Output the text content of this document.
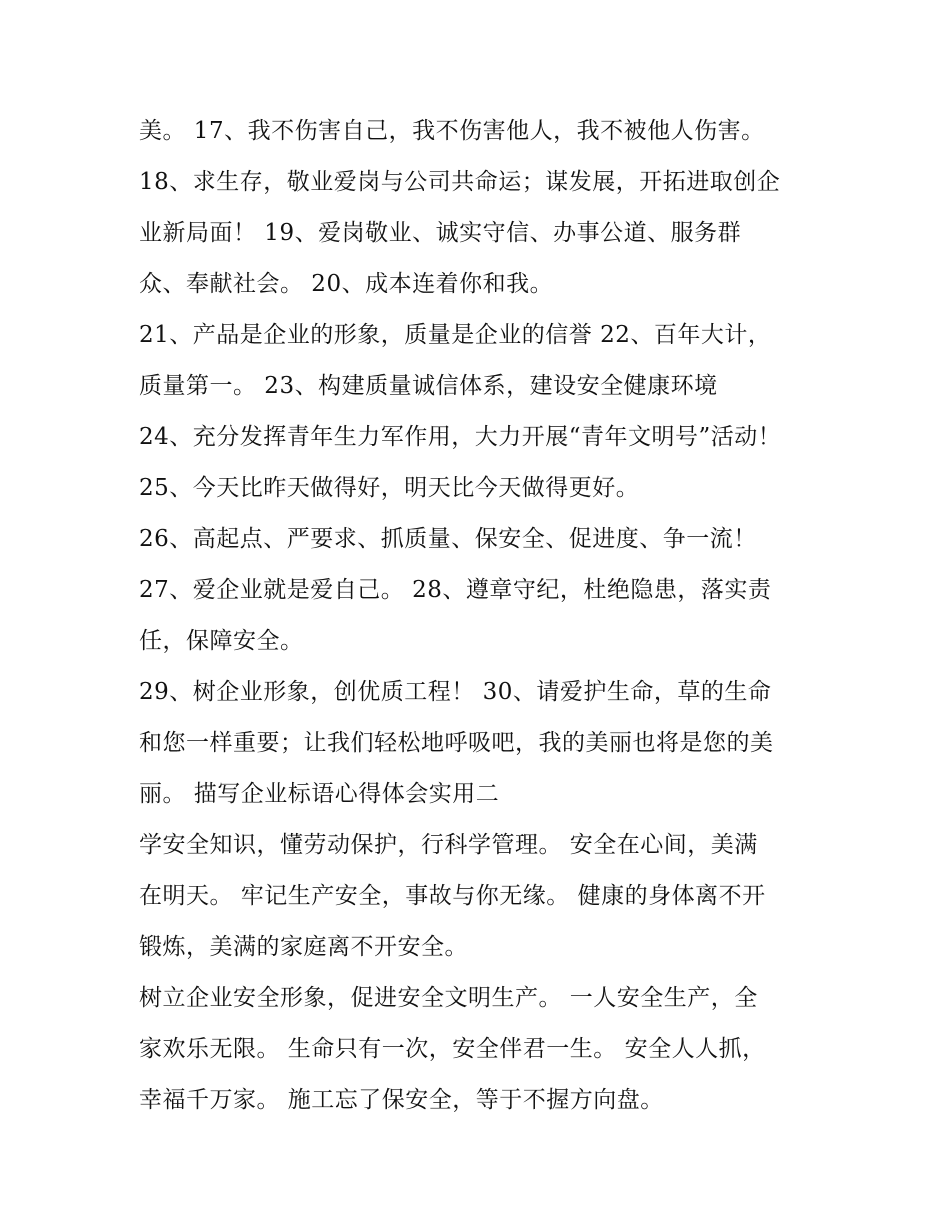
美。 17、我不伤害自己，我不伤害他人，我不被他人伤害。
18、求生存，敬业爱岗与公司共命运；谋发展，开拓进取创企
业新局面！ 19、爱岗敬业、诚实守信、办事公道、服务群
众、奉献社会。 20、成本连着你和我。
21、产品是企业的形象，质量是企业的信誉 22、百年大计，
质量第一。 23、构建质量诚信体系，建设安全健康环境
24、充分发挥青年生力军作用，大力开展“青年文明号”活动！
25、今天比昨天做得好，明天比今天做得更好。
26、高起点、严要求、抓质量、保安全、促进度、争一流！
27、爱企业就是爱自己。 28、遵章守纪，杜绝隐患，落实责
任，保障安全。
29、树企业形象，创优质工程！ 30、请爱护生命，草的生命
和您一样重要；让我们轻松地呼吸吧，我的美丽也将是您的美
丽。 描写企业标语心得体会实用二
学安全知识，懂劳动保护，行科学管理。 安全在心间，美满
在明天。 牢记生产安全，事故与你无缘。 健康的身体离不开
锻炼，美满的家庭离不开安全。
树立企业安全形象，促进安全文明生产。 一人安全生产，全
家欢乐无限。 生命只有一次，安全伴君一生。 安全人人抓，
幸福千万家。 施工忘了保安全，等于不握方向盘。
